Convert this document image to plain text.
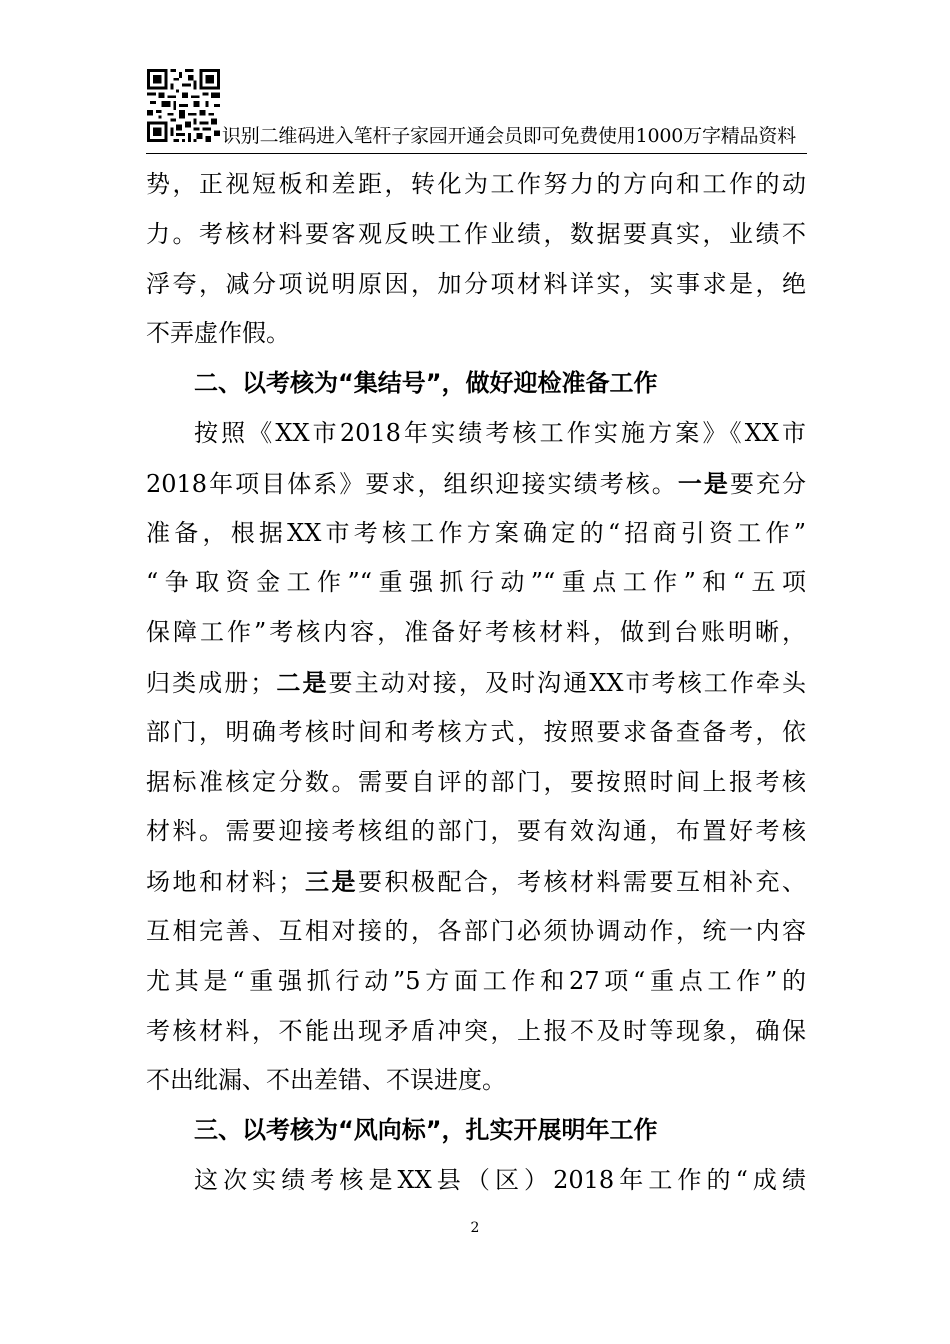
识别二维码进入笔杆子家园开通会员即可免费使用1000万字精品资料
势，正视短板和差距，转化为工作努力的方向和工作的动
力。考核材料要客观反映工作业绩，数据要真实，业绩不
浮夸，减分项说明原因，加分项材料详实，实事求是，绝
不弄虚作假。
二、以考核为“集结号”，做好迎检准备工作
按照《XX市2018年实绩考核工作实施方案》《XX市
2018年项目体系》要求，组织迎接实绩考核。一是要充分
准备，根据XX市考核工作方案确定的“招商引资工作”
“争取资金工作”“重强抓行动”“重点工作”和“五项
保障工作”考核内容，准备好考核材料，做到台账明晰，
归类成册；二是要主动对接，及时沟通XX市考核工作牵头
部门，明确考核时间和考核方式，按照要求备查备考，依
据标准核定分数。需要自评的部门，要按照时间上报考核
材料。需要迎接考核组的部门，要有效沟通，布置好考核
场地和材料；三是要积极配合，考核材料需要互相补充、
互相完善、互相对接的，各部门必须协调动作，统一内容
尤其是“重强抓行动”5方面工作和27项“重点工作”的
考核材料，不能出现矛盾冲突，上报不及时等现象，确保
不出纰漏、不出差错、不误进度。
三、以考核为“风向标”，扎实开展明年工作
这次实绩考核是XX县（区）2018年工作的“成绩
2
